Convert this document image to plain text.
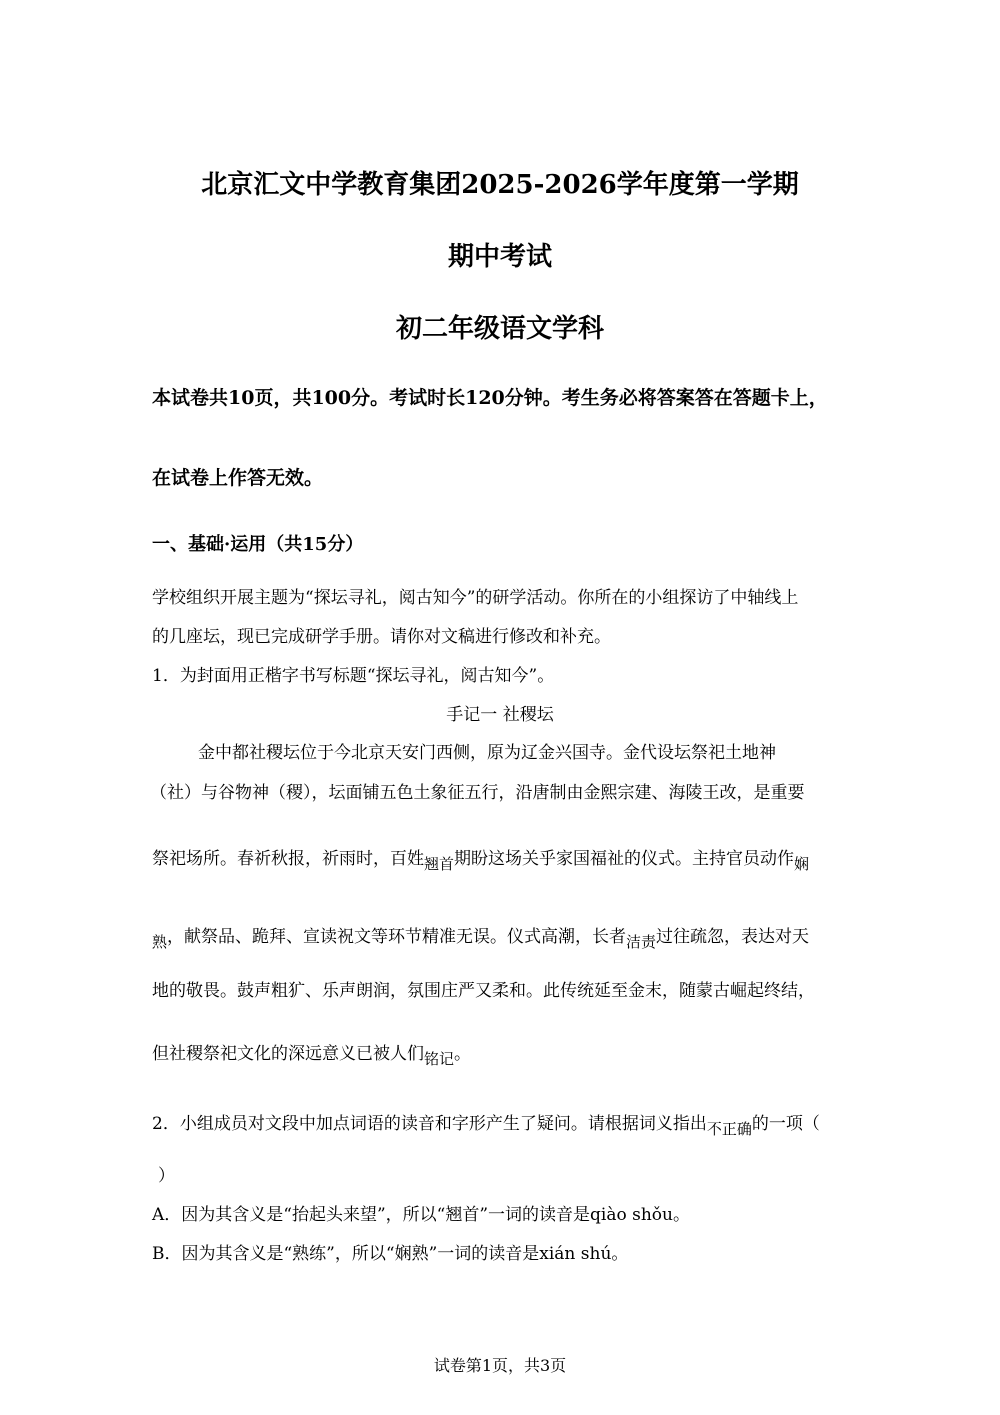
北京汇文中学教育集团2025-2026学年度第一学期
期中考试
初二年级语文学科
本试卷共10页，共100分。考试时长120分钟。考生务必将答案答在答题卡上，
在试卷上作答无效。
一、基础·运用（共15分）
学校组织开展主题为“探坛寻礼，阅古知今”的研学活动。你所在的小组探访了中轴线上
的几座坛，现已完成研学手册。请你对文稿进行修改和补充。
1．为封面用正楷字书写标题“探坛寻礼，阅古知今”。
手记一 社稷坛
金中都社稷坛位于今北京天安门西侧，原为辽金兴国寺。金代设坛祭祀土地神
（社）与谷物神（稷），坛面铺五色土象征五行，沿唐制由金熙宗建、海陵王改，是重要
祭祀场所。春祈秋报，祈雨时，百姓翘首期盼这场关乎家国福祉的仪式。主持官员动作娴
熟，献祭品、跪拜、宣读祝文等环节精准无误。仪式高潮，长者洁责过往疏忽，表达对天
地的敬畏。鼓声粗犷、乐声朗润，氛围庄严又柔和。此传统延至金末，随蒙古崛起终结，
但社稷祭祀文化的深远意义已被人们铭记。
2．小组成员对文段中加点词语的读音和字形产生了疑问。请根据词义指出不正确的一项（
）
A．因为其含义是“抬起头来望”，所以“翘首”一词的读音是qiào shǒu。
B．因为其含义是“熟练”，所以“娴熟”一词的读音是xián shú。
试卷第1页，共3页
